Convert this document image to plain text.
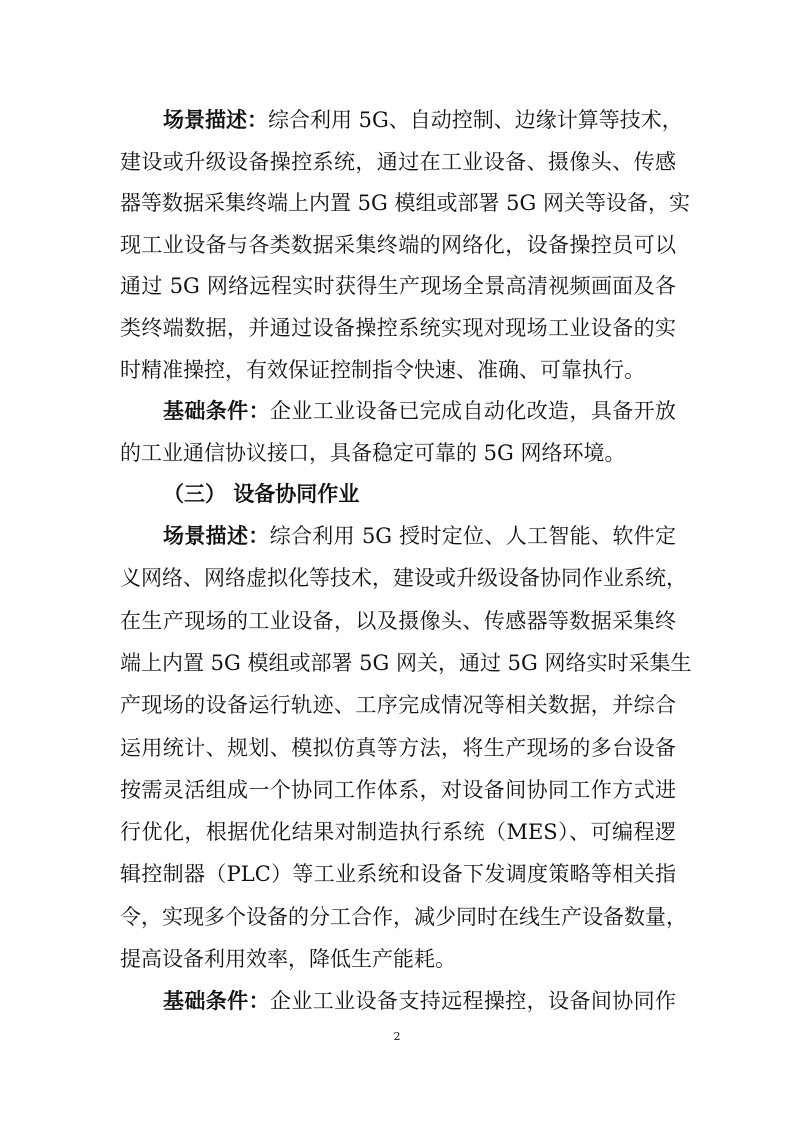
场景描述：综合利用 5G、自动控制、边缘计算等技术，
建设或升级设备操控系统，通过在工业设备、摄像头、传感
器等数据采集终端上内置 5G 模组或部署 5G 网关等设备，实
现工业设备与各类数据采集终端的网络化，设备操控员可以
通过 5G 网络远程实时获得生产现场全景高清视频画面及各
类终端数据，并通过设备操控系统实现对现场工业设备的实
时精准操控，有效保证控制指令快速、准确、可靠执行。
基础条件：企业工业设备已完成自动化改造，具备开放
的工业通信协议接口，具备稳定可靠的 5G 网络环境。
（三） 设备协同作业
场景描述：综合利用 5G 授时定位、人工智能、软件定
义网络、网络虚拟化等技术，建设或升级设备协同作业系统，
在生产现场的工业设备，以及摄像头、传感器等数据采集终
端上内置 5G 模组或部署 5G 网关，通过 5G 网络实时采集生
产现场的设备运行轨迹、工序完成情况等相关数据，并综合
运用统计、规划、模拟仿真等方法，将生产现场的多台设备
按需灵活组成一个协同工作体系，对设备间协同工作方式进
行优化，根据优化结果对制造执行系统（MES）、可编程逻
辑控制器（PLC）等工业系统和设备下发调度策略等相关指
令，实现多个设备的分工合作，减少同时在线生产设备数量，
提高设备利用效率，降低生产能耗。
基础条件：企业工业设备支持远程操控，设备间协同作
2
